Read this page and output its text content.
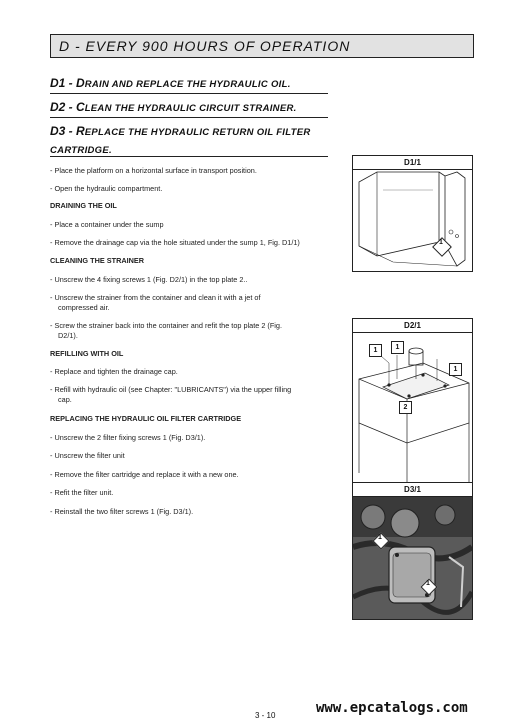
D - EVERY 900 HOURS OF OPERATION
D1 - DRAIN AND REPLACE THE HYDRAULIC OIL.
D2 - CLEAN THE HYDRAULIC CIRCUIT STRAINER.
D3 - REPLACE THE HYDRAULIC RETURN OIL FILTER
CARTRIDGE.
- Place the platform on a horizontal surface in transport position.
- Open the hydraulic compartment.
DRAINING THE OIL
- Place a container under the sump
- Remove the drainage cap via the hole situated under the sump 1, Fig. D1/1)
CLEANING THE STRAINER
- Unscrew the 4 fixing screws 1 (Fig. D2/1) in the top plate 2..
- Unscrew the strainer from the container and clean it with a jet of
compressed air.
- Screw the strainer back into the container and refit the top plate 2 (Fig.
D2/1).
REFILLING WITH OIL
- Replace and tighten the drainage cap.
- Refill with hydraulic oil (see Chapter: "LUBRICANTS") via the upper filling
cap.
REPLACING THE HYDRAULIC OIL FILTER CARTRIDGE
- Unscrew the 2 filter fixing screws 1 (Fig. D3/1).
- Unscrew the filter unit
- Remove the filter cartridge and replace it with a new one.
- Refit the filter unit.
- Reinstall the two filter screws 1 (Fig. D3/1).
D1/1
1
D2/1
1	1
1
2
D3/1
1
1
www.epcatalogs.com
3 - 10
